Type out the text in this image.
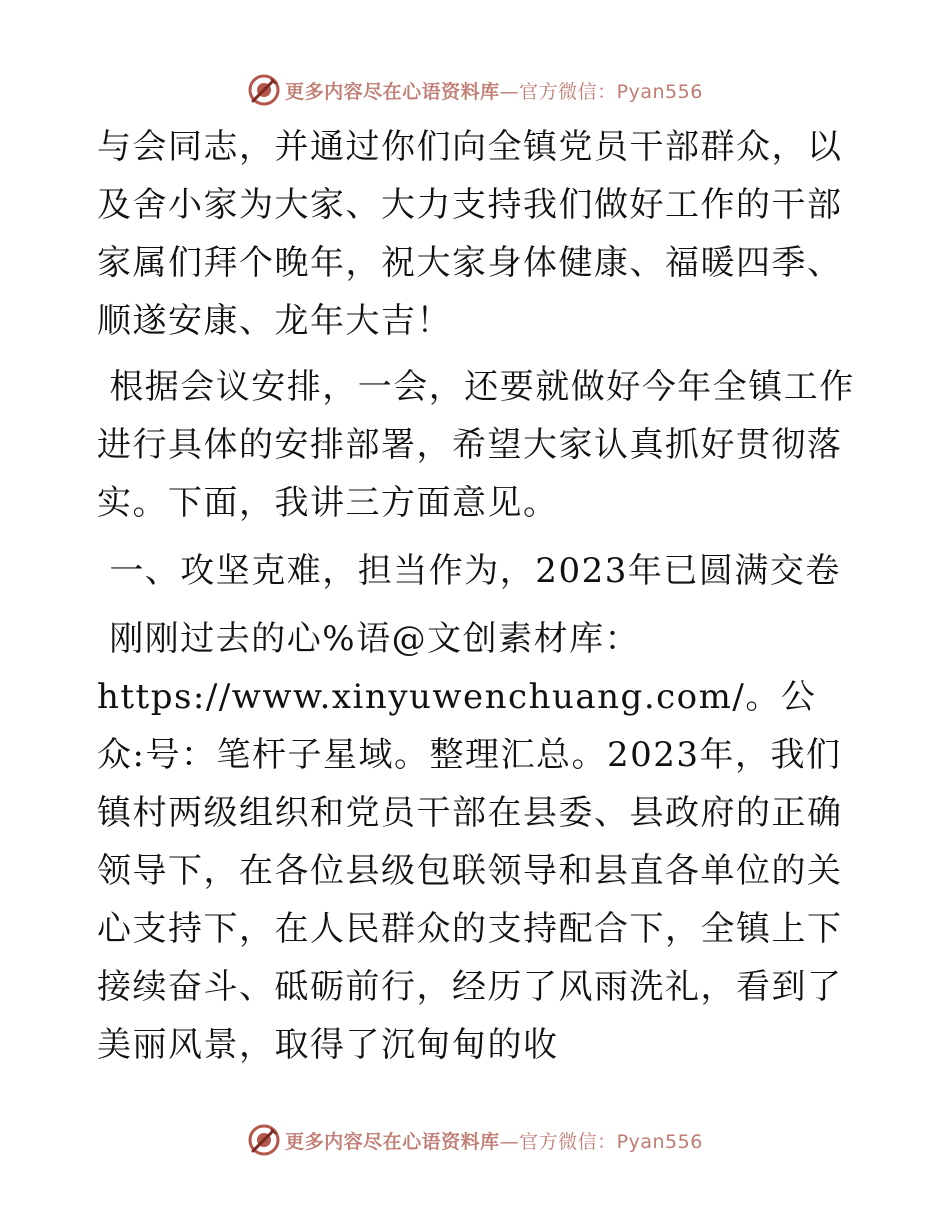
更多内容尽在心语资料库—官方微信：Pyan556

与会同志，并通过你们向全镇党员干部群众，以及舍小家为大家、大力支持我们做好工作的干部家属们拜个晚年，祝大家身体健康、福暖四季、顺遂安康、龙年大吉！

根据会议安排，一会，还要就做好今年全镇工作进行具体的安排部署，希望大家认真抓好贯彻落实。下面，我讲三方面意见。

一、攻坚克难，担当作为，2023年已圆满交卷

刚刚过去的心%语@文创素材库：https://www.xinyuwenchuang.com/。公众:号：笔杆子星域。整理汇总。2023年，我们镇村两级组织和党员干部在县委、县政府的正确领导下，在各位县级包联领导和县直各单位的关心支持下，在人民群众的支持配合下，全镇上下接续奋斗、砥砺前行，经历了风雨洗礼，看到了美丽风景，取得了沉甸甸的收

更多内容尽在心语资料库—官方微信：Pyan556
